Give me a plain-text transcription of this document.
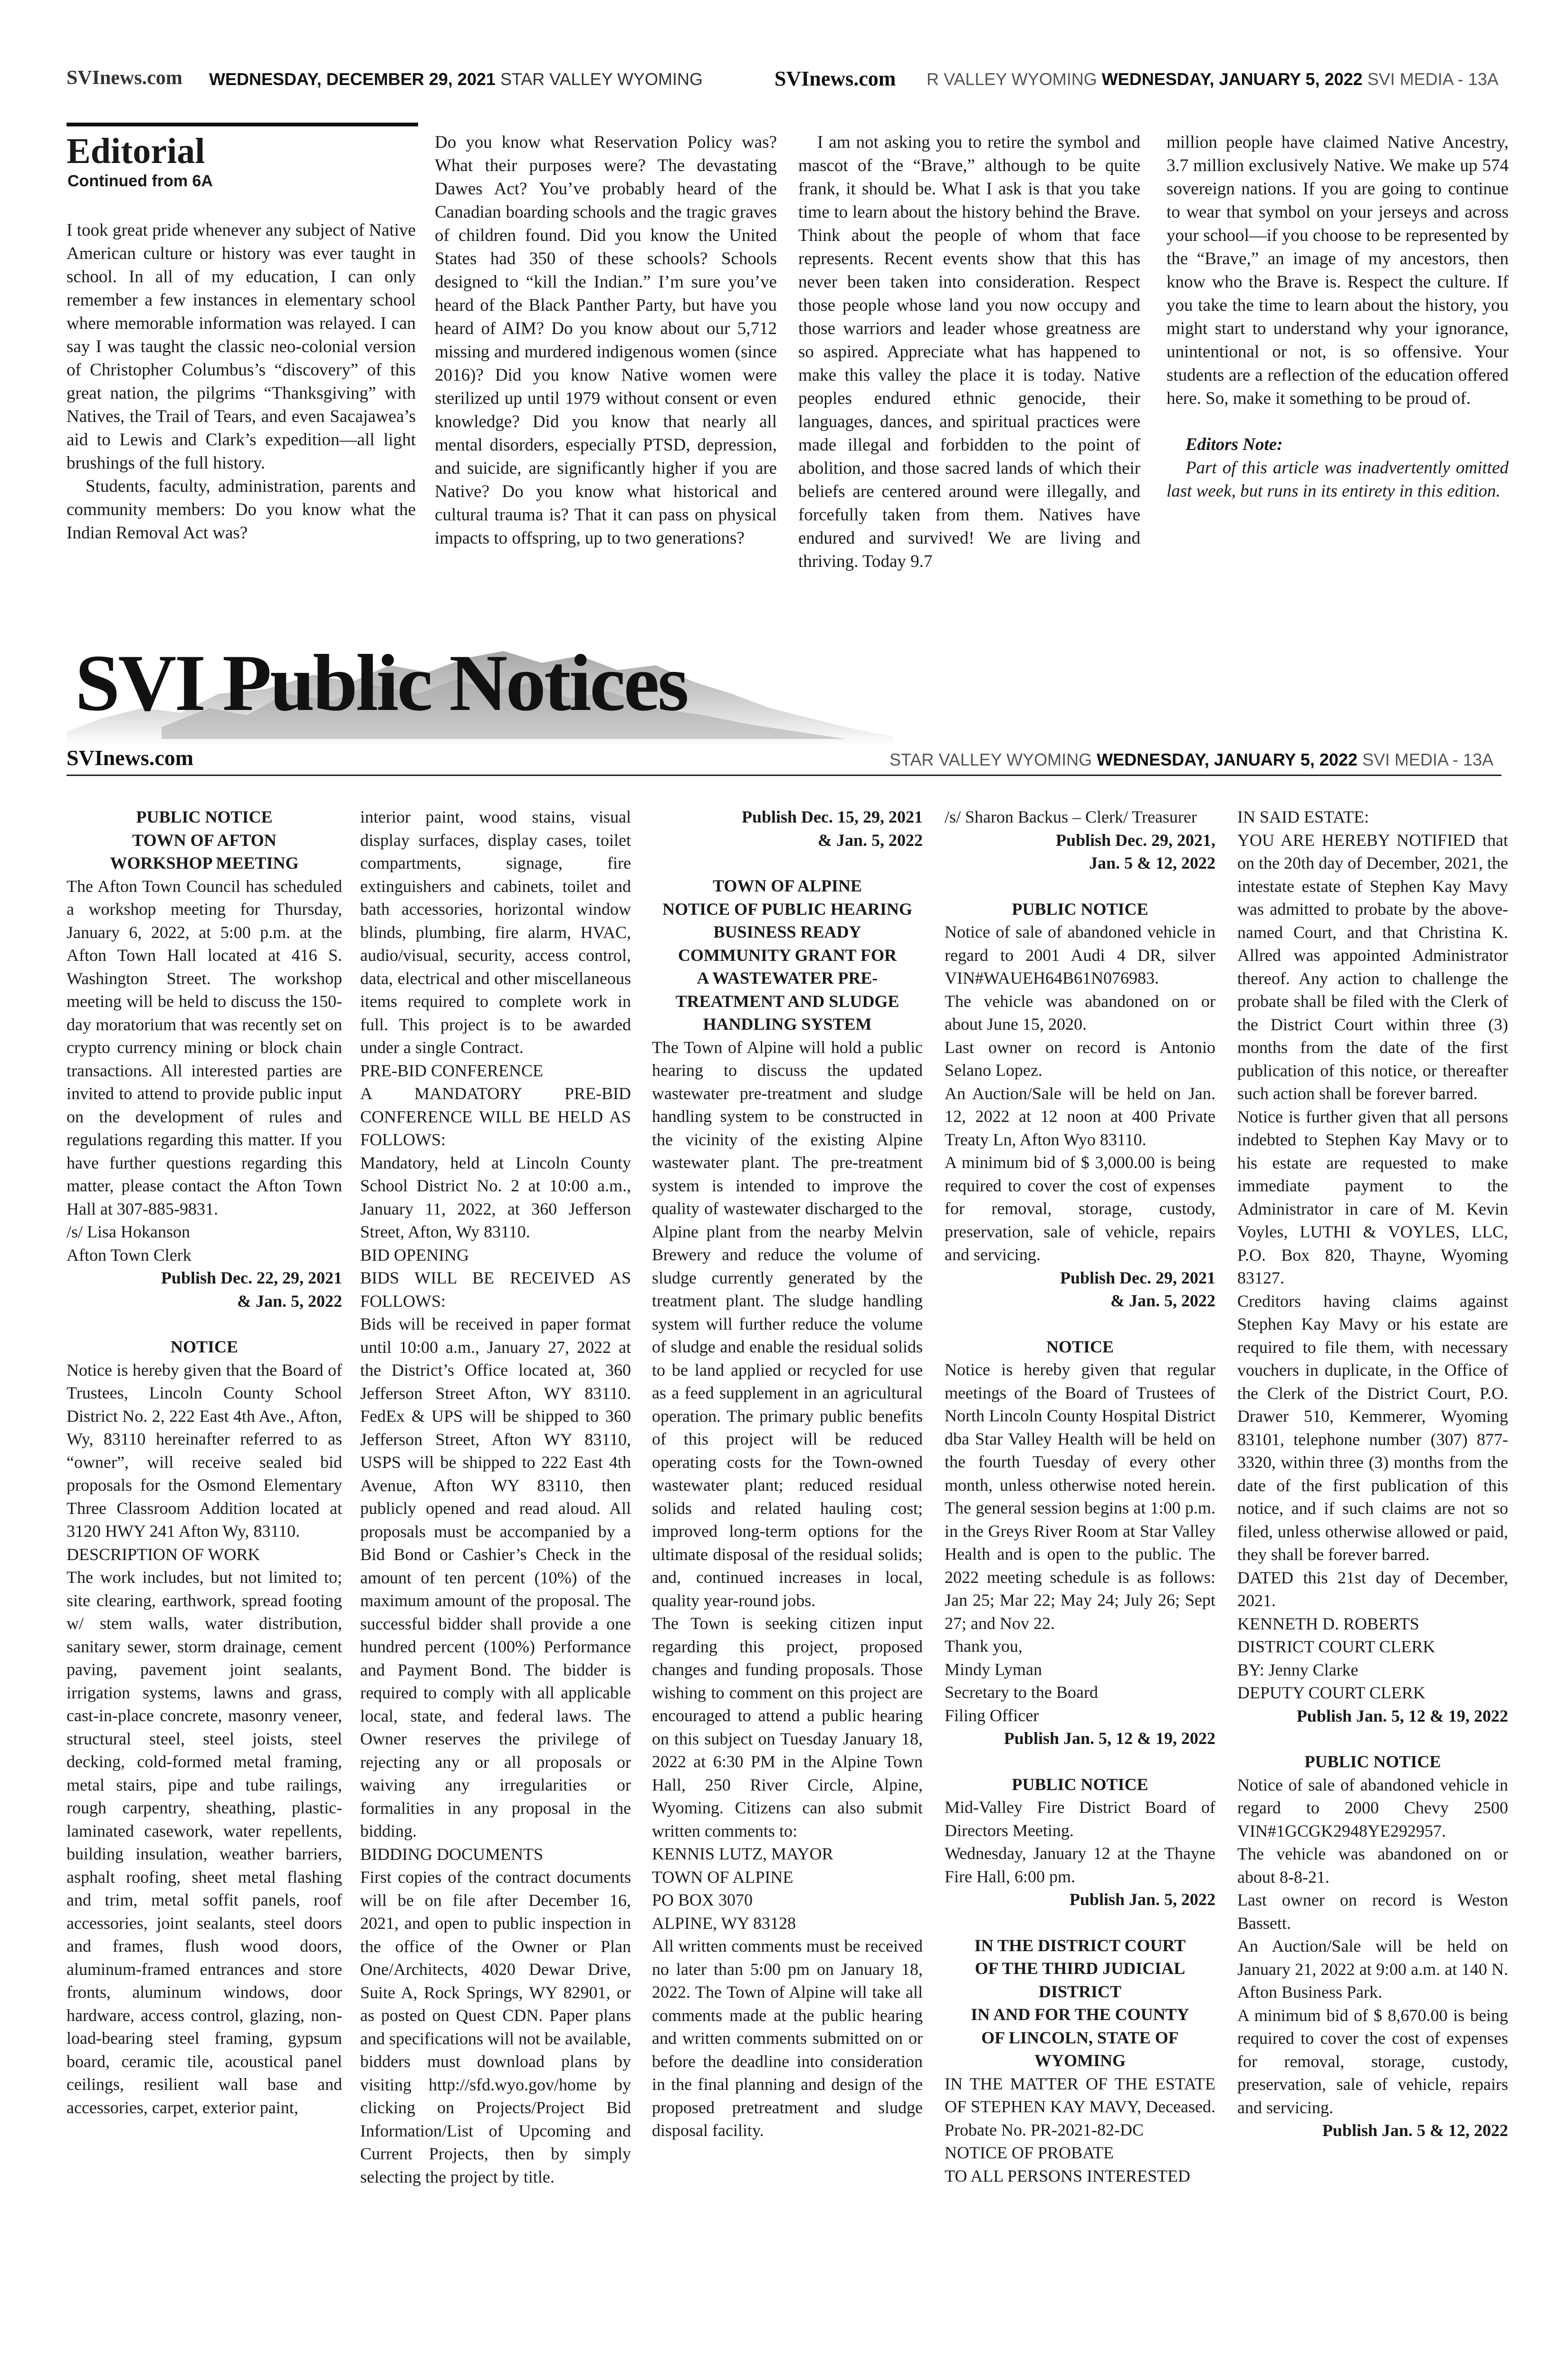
SVInews.com WEDNESDAY, DECEMBER 29, 2021 STAR VALLEY WYOMING	SVInews.com R VALLEY WYOMING WEDNESDAY, JANUARY 5, 2022 SVI MEDIA - 13A
Editorial
Continued from 6A

I took great pride whenever any subject of Native American culture or history was ever taught in school. In all of my education, I can only remember a few instances in elementary school where memorable information was relayed. I can say I was taught the classic neo-colonial version of Christopher Columbus’s “discovery” of this great nation, the pilgrims “Thanksgiving” with Natives, the Trail of Tears, and even Sacajawea’s aid to Lewis and Clark’s expedition—all light brushings of the full history.

Students, faculty, administration, parents and community members: Do you know what the Indian Removal Act was?

Do you know what Reservation Policy was? What their purposes were? The devastating Dawes Act? You’ve probably heard of the Canadian boarding schools and the tragic graves of children found. Did you know the United States had 350 of these schools? Schools designed to “kill the Indian.” I’m sure you’ve heard of the Black Panther Party, but have you heard of AIM? Do you know about our 5,712 missing and murdered indigenous women (since 2016)? Did you know Native women were sterilized up until 1979 without consent or even knowledge? Did you know that nearly all mental disorders, especially PTSD, depression, and suicide, are significantly higher if you are Native? Do you know what historical and cultural trauma is? That it can pass on physical impacts to offspring, up to two generations?

I am not asking you to retire the symbol and mascot of the “Brave,” although to be quite frank, it should be. What I ask is that you take time to learn about the history behind the Brave. Think about the people of whom that face represents. Recent events show that this has never been taken into consideration. Respect those people whose land you now occupy and those warriors and leader whose greatness are so aspired. Appreciate what has happened to make this valley the place it is today. Native peoples endured ethnic genocide, their languages, dances, and spiritual practices were made illegal and forbidden to the point of abolition, and those sacred lands of which their beliefs are centered around were illegally, and forcefully taken from them. Natives have endured and survived! We are living and thriving. Today 9.7

million people have claimed Native Ancestry, 3.7 million exclusively Native. We make up 574 sovereign nations. If you are going to continue to wear that symbol on your jerseys and across your school—if you choose to be represented by the “Brave,” an image of my ancestors, then know who the Brave is. Respect the culture. If you take the time to learn about the history, you might start to understand why your ignorance, unintentional or not, is so offensive. Your students are a reflection of the education offered here. So, make it something to be proud of.

Editors Note:

Part of this article was inadvertently omitted last week, but runs in its entirety in this edition.

SVI Public Notices
SVInews.com	STAR VALLEY WYOMING WEDNESDAY, JANUARY 5, 2022 SVI MEDIA - 13A
PUBLIC NOTICE
TOWN OF AFTON
WORKSHOP MEETING
The Afton Town Council has scheduled a workshop meeting for Thursday, January 6, 2022, at 5:00 p.m. at the Afton Town Hall located at 416 S. Washington Street. The workshop meeting will be held to discuss the 150-day moratorium that was recently set on crypto currency mining or block chain transactions. All interested parties are invited to attend to provide public input on the development of rules and regulations regarding this matter. If you have further questions regarding this matter, please contact the Afton Town Hall at 307-885-9831.
/s/ Lisa Hokanson
Afton Town Clerk
Publish Dec. 22, 29, 2021
& Jan. 5, 2022
NOTICE
Notice is hereby given that the Board of Trustees, Lincoln County School District No. 2, 222 East 4th Ave., Afton, Wy, 83110 hereinafter referred to as “owner”, will receive sealed bid proposals for the Osmond Elementary Three Classroom Addition located at 3120 HWY 241 Afton Wy, 83110.
DESCRIPTION OF WORK
The work includes, but not limited to; site clearing, earthwork, spread footing w/ stem walls, water distribution, sanitary sewer, storm drainage, cement paving, pavement joint sealants, irrigation systems, lawns and grass, cast-in-place concrete, masonry veneer, structural steel, steel joists, steel decking, cold-formed metal framing, metal stairs, pipe and tube railings, rough carpentry, sheathing, plastic-laminated casework, water repellents, building insulation, weather barriers, asphalt roofing, sheet metal flashing and trim, metal soffit panels, roof accessories, joint sealants, steel doors and frames, flush wood doors, aluminum-framed entrances and store fronts, aluminum windows, door hardware, access control, glazing, non-load-bearing steel framing, gypsum board, ceramic tile, acoustical panel ceilings, resilient wall base and accessories, carpet, exterior paint,
interior paint, wood stains, visual display surfaces, display cases, toilet compartments, signage, fire extinguishers and cabinets, toilet and bath accessories, horizontal window blinds, plumbing, fire alarm, HVAC, audio/visual, security, access control, data, electrical and other miscellaneous items required to complete work in full. This project is to be awarded under a single Contract.
PRE-BID CONFERENCE
A MANDATORY PRE-BID CONFERENCE WILL BE HELD AS FOLLOWS:
Mandatory, held at Lincoln County School District No. 2 at 10:00 a.m., January 11, 2022, at 360 Jefferson Street, Afton, Wy 83110.
BID OPENING
BIDS WILL BE RECEIVED AS FOLLOWS:
Bids will be received in paper format until 10:00 a.m., January 27, 2022 at the District’s Office located at, 360 Jefferson Street Afton, WY 83110. FedEx & UPS will be shipped to 360 Jefferson Street, Afton WY 83110, USPS will be shipped to 222 East 4th Avenue, Afton WY 83110, then publicly opened and read aloud. All proposals must be accompanied by a Bid Bond or Cashier’s Check in the amount of ten percent (10%) of the maximum amount of the proposal. The successful bidder shall provide a one hundred percent (100%) Performance and Payment Bond. The bidder is required to comply with all applicable local, state, and federal laws. The Owner reserves the privilege of rejecting any or all proposals or waiving any irregularities or formalities in any proposal in the bidding.
BIDDING DOCUMENTS
First copies of the contract documents will be on file after December 16, 2021, and open to public inspection in the office of the Owner or Plan One/Architects, 4020 Dewar Drive, Suite A, Rock Springs, WY 82901, or as posted on Quest CDN. Paper plans and specifications will not be available, bidders must download plans by visiting http://sfd.wyo.gov/home by clicking on Projects/Project Bid Information/List of Upcoming and Current Projects, then by simply selecting the project by title.
Publish Dec. 15, 29, 2021
& Jan. 5, 2022
TOWN OF ALPINE
NOTICE OF PUBLIC HEARING
BUSINESS READY
COMMUNITY GRANT FOR
A WASTEWATER PRE-
TREATMENT AND SLUDGE
HANDLING SYSTEM
The Town of Alpine will hold a public hearing to discuss the updated wastewater pre-treatment and sludge handling system to be constructed in the vicinity of the existing Alpine wastewater plant. The pre-treatment system is intended to improve the quality of wastewater discharged to the Alpine plant from the nearby Melvin Brewery and reduce the volume of sludge currently generated by the treatment plant. The sludge handling system will further reduce the volume of sludge and enable the residual solids to be land applied or recycled for use as a feed supplement in an agricultural operation. The primary public benefits of this project will be reduced operating costs for the Town-owned wastewater plant; reduced residual solids and related hauling cost; improved long-term options for the ultimate disposal of the residual solids; and, continued increases in local, quality year-round jobs.
The Town is seeking citizen input regarding this project, proposed changes and funding proposals. Those wishing to comment on this project are encouraged to attend a public hearing on this subject on Tuesday January 18, 2022 at 6:30 PM in the Alpine Town Hall, 250 River Circle, Alpine, Wyoming. Citizens can also submit written comments to:
KENNIS LUTZ, MAYOR
TOWN OF ALPINE
PO BOX 3070
ALPINE, WY 83128
All written comments must be received no later than 5:00 pm on January 18, 2022. The Town of Alpine will take all comments made at the public hearing and written comments submitted on or before the deadline into consideration in the final planning and design of the proposed pretreatment and sludge disposal facility.
/s/ Sharon Backus – Clerk/ Treasurer
Publish Dec. 29, 2021,
Jan. 5 & 12, 2022
PUBLIC NOTICE
Notice of sale of abandoned vehicle in regard to 2001 Audi 4 DR, silver VIN#WAUEH64B61N076983.
The vehicle was abandoned on or about June 15, 2020.
Last owner on record is Antonio Selano Lopez.
An Auction/Sale will be held on Jan. 12, 2022 at 12 noon at 400 Private Treaty Ln, Afton Wyo 83110.
A minimum bid of $ 3,000.00 is being required to cover the cost of expenses for removal, storage, custody, preservation, sale of vehicle, repairs and servicing.
Publish Dec. 29, 2021
& Jan. 5, 2022
NOTICE
Notice is hereby given that regular meetings of the Board of Trustees of North Lincoln County Hospital District dba Star Valley Health will be held on the fourth Tuesday of every other month, unless otherwise noted herein. The general session begins at 1:00 p.m. in the Greys River Room at Star Valley Health and is open to the public. The 2022 meeting schedule is as follows: Jan 25; Mar 22; May 24; July 26; Sept 27; and Nov 22.
Thank you,
Mindy Lyman
Secretary to the Board
Filing Officer
Publish Jan. 5, 12 & 19, 2022
PUBLIC NOTICE
Mid-Valley Fire District Board of Directors Meeting.
Wednesday, January 12 at the Thayne Fire Hall, 6:00 pm.
Publish Jan. 5, 2022
IN THE DISTRICT COURT
OF THE THIRD JUDICIAL
DISTRICT
IN AND FOR THE COUNTY
OF LINCOLN, STATE OF
WYOMING
IN THE MATTER OF THE ESTATE OF STEPHEN KAY MAVY, Deceased.
Probate No. PR-2021-82-DC
NOTICE OF PROBATE
TO ALL PERSONS INTERESTED
IN SAID ESTATE:
YOU ARE HEREBY NOTIFIED that on the 20th day of December, 2021, the intestate estate of Stephen Kay Mavy was admitted to probate by the above-named Court, and that Christina K. Allred was appointed Administrator thereof. Any action to challenge the probate shall be filed with the Clerk of the District Court within three (3) months from the date of the first publication of this notice, or thereafter such action shall be forever barred.
Notice is further given that all persons indebted to Stephen Kay Mavy or to his estate are requested to make immediate payment to the Administrator in care of M. Kevin Voyles, LUTHI & VOYLES, LLC, P.O. Box 820, Thayne, Wyoming 83127.
Creditors having claims against Stephen Kay Mavy or his estate are required to file them, with necessary vouchers in duplicate, in the Office of the Clerk of the District Court, P.O. Drawer 510, Kemmerer, Wyoming 83101, telephone number (307) 877-3320, within three (3) months from the date of the first publication of this notice, and if such claims are not so filed, unless otherwise allowed or paid, they shall be forever barred.
DATED this 21st day of December, 2021.
KENNETH D. ROBERTS
DISTRICT COURT CLERK
BY: Jenny Clarke
DEPUTY COURT CLERK
Publish Jan. 5, 12 & 19, 2022
PUBLIC NOTICE
Notice of sale of abandoned vehicle in regard to 2000 Chevy 2500 VIN#1GCGK2948YE292957.
The vehicle was abandoned on or about 8-8-21.
Last owner on record is Weston Bassett.
An Auction/Sale will be held on January 21, 2022 at 9:00 a.m. at 140 N. Afton Business Park.
A minimum bid of $ 8,670.00 is being required to cover the cost of expenses for removal, storage, custody, preservation, sale of vehicle, repairs and servicing.
Publish Jan. 5 & 12, 2022
